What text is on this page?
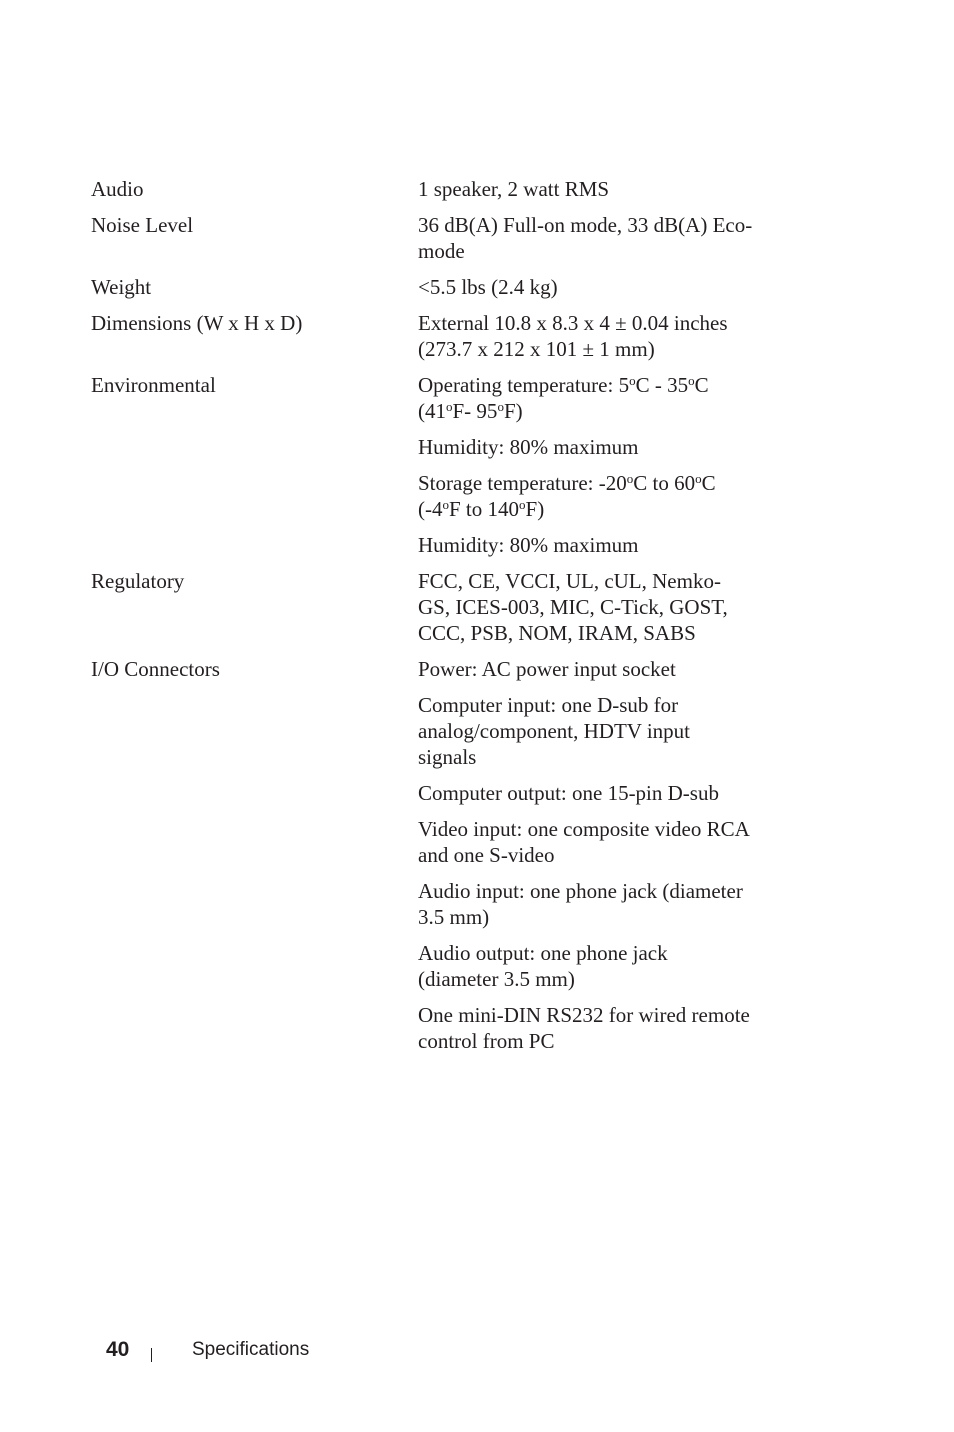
Audio	1 speaker, 2 watt RMS
Noise Level	36 dB(A) Full-on mode, 33 dB(A) Eco-
mode
Weight	<5.5 lbs (2.4 kg)
Dimensions (W x H x D)	External 10.8 x 8.3 x 4 ± 0.04 inches
(273.7 x 212 x 101 ± 1 mm)
Environmental	Operating temperature: 5$^o$C - 35$^o$C
(41$^o$F- 95$^o$F)
Humidity: 80% maximum
Storage temperature: -20$^o$C to 60$^o$C
(-4$^o$F to 140$^o$F)
Humidity: 80% maximum
Regulatory	FCC, CE, VCCI, UL, cUL, Nemko-
GS, ICES-003, MIC, C-Tick, GOST,
CCC, PSB, NOM, IRAM, SABS
I/O Connectors	Power: AC power input socket
Computer input: one D-sub for
analog/component, HDTV input
signals
Computer output: one 15-pin D-sub
Video input: one composite video RCA
and one S-video
Audio input: one phone jack (diameter
3.5 mm)
Audio output: one phone jack
(diameter 3.5 mm)
One mini-DIN RS232 for wired remote
control from PC
40	Specifications
